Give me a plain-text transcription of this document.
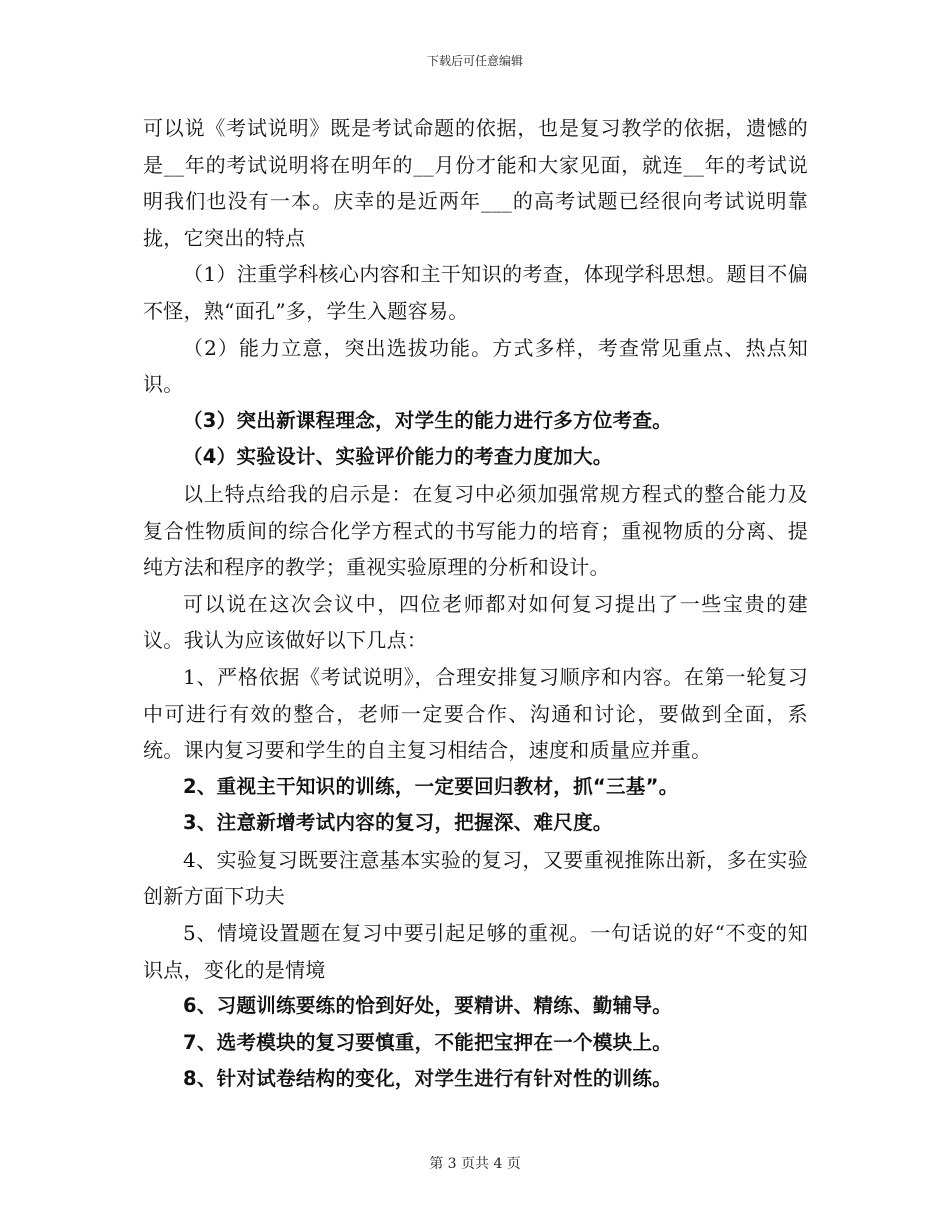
下载后可任意编辑

可以说《考试说明》既是考试命题的依据，也是复习教学的依据，遗憾的是__年的考试说明将在明年的__月份才能和大家见面，就连__年的考试说明我们也没有一本。庆幸的是近两年___的高考试题已经很向考试说明靠拢，它突出的特点

（1）注重学科核心内容和主干知识的考查，体现学科思想。题目不偏不怪，熟“面孔”多，学生入题容易。

（2）能力立意，突出选拔功能。方式多样，考查常见重点、热点知识。

（3）突出新课程理念，对学生的能力进行多方位考查。

（4）实验设计、实验评价能力的考查力度加大。

以上特点给我的启示是：在复习中必须加强常规方程式的整合能力及复合性物质间的综合化学方程式的书写能力的培育；重视物质的分离、提纯方法和程序的教学；重视实验原理的分析和设计。

可以说在这次会议中，四位老师都对如何复习提出了一些宝贵的建议。我认为应该做好以下几点：

1、严格依据《考试说明》，合理安排复习顺序和内容。在第一轮复习中可进行有效的整合，老师一定要合作、沟通和讨论，要做到全面，系统。课内复习要和学生的自主复习相结合，速度和质量应并重。

2、重视主干知识的训练，一定要回归教材，抓“三基”。

3、注意新增考试内容的复习，把握深、难尺度。

4、实验复习既要注意基本实验的复习，又要重视推陈出新，多在实验创新方面下功夫

5、情境设置题在复习中要引起足够的重视。一句话说的好“不变的知识点，变化的是情境

6、习题训练要练的恰到好处，要精讲、精练、勤辅导。

7、选考模块的复习要慎重，不能把宝押在一个模块上。

8、针对试卷结构的变化，对学生进行有针对性的训练。

第 3 页共 4 页
